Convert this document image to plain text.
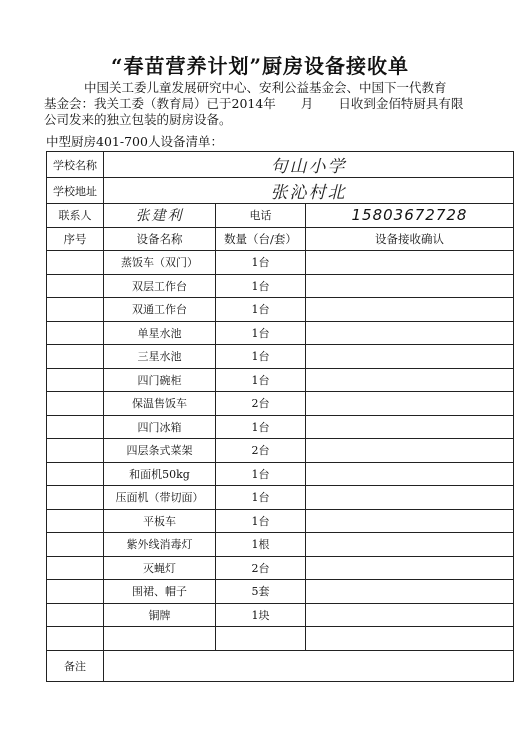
“春苗营养计划”厨房设备接收单
中国关工委儿童发展研究中心、安利公益基金会、中国下一代教育
基金会：我关工委（教育局）已于2014年　　月　　日收到金佰特厨具有限
公司发来的独立包装的厨房设备。
中型厨房401-700人设备清单：
学校名称	句山小学		
学校地址	张沁村北		
联系人	张建利	电话	15803672728
序号	设备名称	数量（台/套）	设备接收确认
	蒸饭车（双门）	1台	
	双层工作台	1台	
	双通工作台	1台	
	单星水池	1台	
	三星水池	1台	
	四门碗柜	1台	
	保温售饭车	2台	
	四门冰箱	1台	
	四层条式菜架	2台	
	和面机50kg	1台	
	压面机（带切面）	1台	
	平板车	1台	
	紫外线消毒灯	1根	
	灭蝇灯	2台	
	围裙、帽子	5套	
	铜牌	1块	

备注			
